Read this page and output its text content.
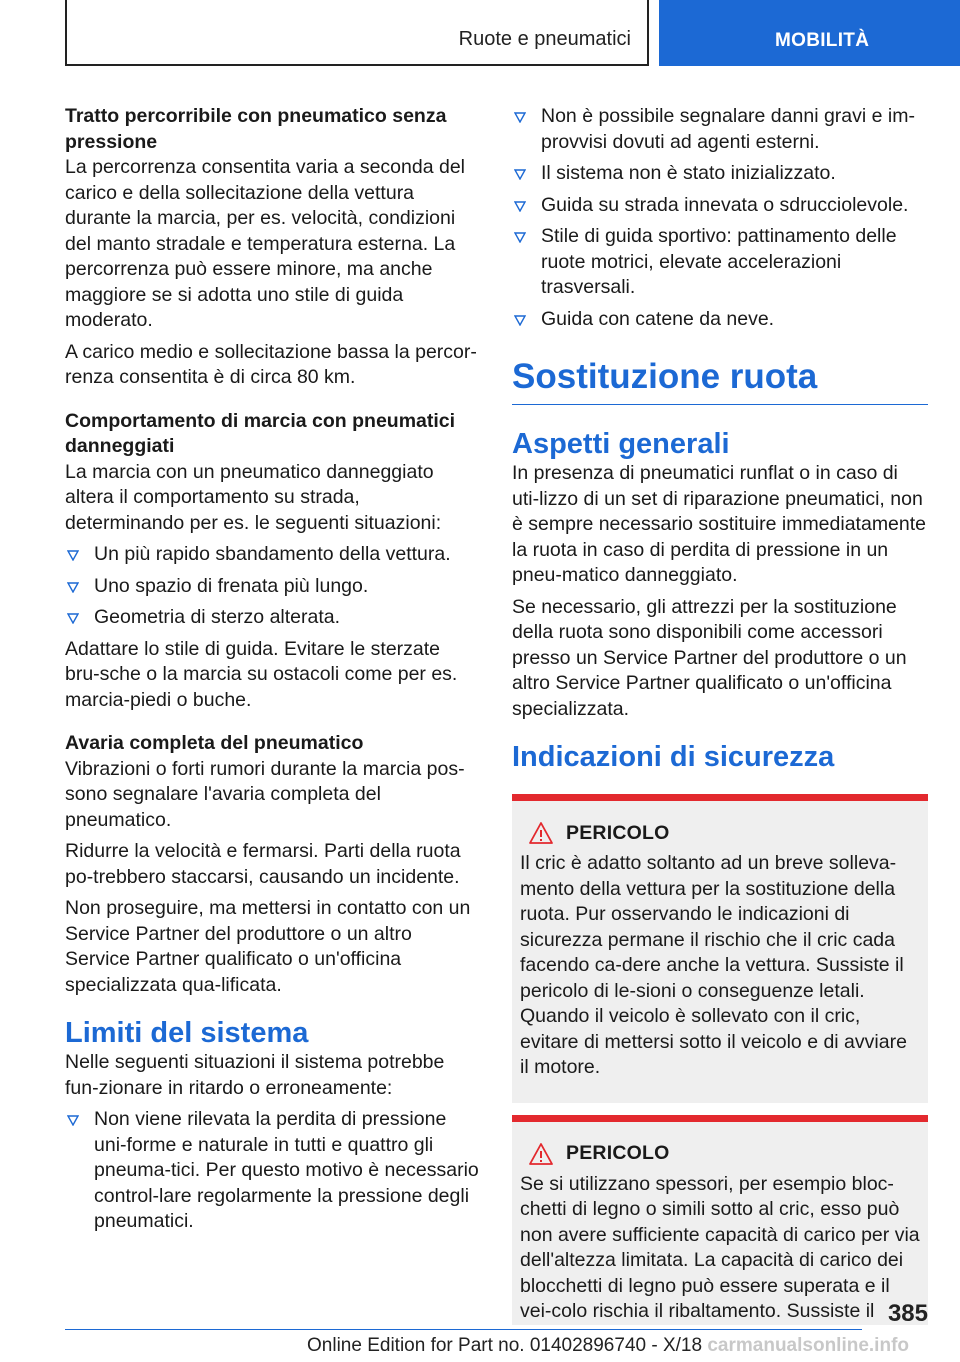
Ruote e pneumatici	MOBILITÀ
Tratto percorribile con pneumatico senza pressione

La percorrenza consentita varia a seconda del carico e della sollecitazione della vettura durante la marcia, per es. velocità, condizioni del manto stradale e temperatura esterna. La percorrenza può essere minore, ma anche maggiore se si adotta uno stile di guida moderato.

A carico medio e sollecitazione bassa la percor-renza consentita è di circa 80 km.

Comportamento di marcia con pneumatici danneggiati

La marcia con un pneumatico danneggiato altera il comportamento su strada, determinando per es. le seguenti situazioni:

Un più rapido sbandamento della vettura.
Uno spazio di frenata più lungo.
Geometria di sterzo alterata.

Adattare lo stile di guida. Evitare le sterzate bru-sche o la marcia su ostacoli come per es. marcia-piedi o buche.

Avaria completa del pneumatico

Vibrazioni o forti rumori durante la marcia pos-sono segnalare l'avaria completa del pneumatico.

Ridurre la velocità e fermarsi. Parti della ruota po-trebbero staccarsi, causando un incidente.

Non proseguire, ma mettersi in contatto con un Service Partner del produttore o un altro Service Partner qualificato o un'officina specializzata qua-lificata.

Limiti del sistema

Nelle seguenti situazioni il sistema potrebbe fun-zionare in ritardo o erroneamente:

Non viene rilevata la perdita di pressione uni-forme e naturale in tutti e quattro gli pneuma-tici. Per questo motivo è necessario control-lare regolarmente la pressione degli pneumatici.
Non è possibile segnalare danni gravi e im-provvisi dovuti ad agenti esterni.
Il sistema non è stato inizializzato.
Guida su strada innevata o sdrucciolevole.
Stile di guida sportivo: pattinamento delle ruote motrici, elevate accelerazioni trasversali.
Guida con catene da neve.
Sostituzione ruota
Aspetti generali

In presenza di pneumatici runflat o in caso di uti-lizzo di un set di riparazione pneumatici, non è sempre necessario sostituire immediatamente la ruota in caso di perdita di pressione in un pneu-matico danneggiato.

Se necessario, gli attrezzi per la sostituzione della ruota sono disponibili come accessori presso un Service Partner del produttore o un altro Service Partner qualificato o un'officina specializzata.

Indicazioni di sicurezza
PERICOLO

Il cric è adatto soltanto ad un breve solleva-mento della vettura per la sostituzione della ruota. Pur osservando le indicazioni di sicurezza permane il rischio che il cric cada facendo ca-dere anche la vettura. Sussiste il pericolo di le-sioni o conseguenze letali. Quando il veicolo è sollevato con il cric, evitare di mettersi sotto il veicolo e di avviare il motore.

PERICOLO

Se si utilizzano spessori, per esempio bloc-chetti di legno o simili sotto al cric, esso può non avere sufficiente capacità di carico per via dell'altezza limitata. La capacità di carico dei blocchetti di legno può essere superata e il vei-colo rischia il ribaltamento. Sussiste il 385
Online Edition for Part no. 01402896740 - X/18 carmanualsonline.info
